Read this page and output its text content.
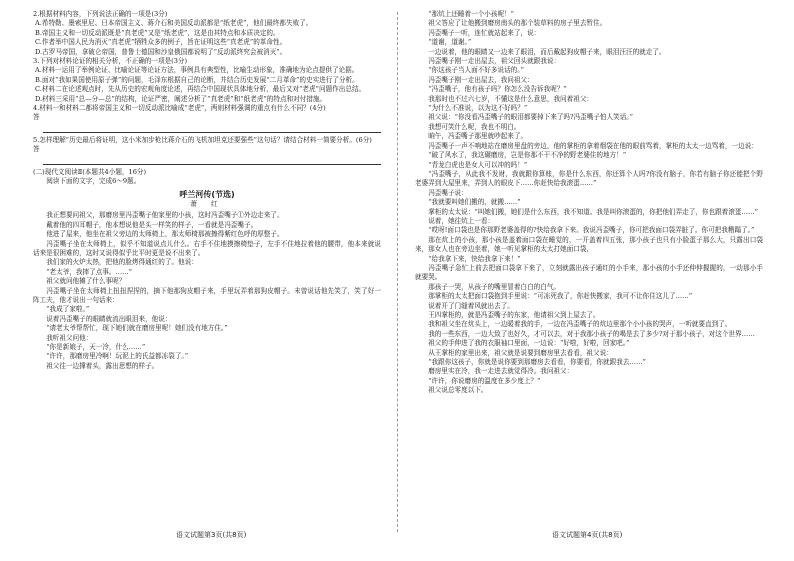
2.根据材料内容，下列说法正确的一项是(3分)

A.希特勒、墨索里尼、日本帝国主义、蒋介石和美国反动派都是“纸老虎”，他们最终都失败了。

B.帝国主义和一切反动派既是“真老虎”又是“纸老虎”，这是由其特点和本质决定的。

C.作者举中国人民为消灭“真老虎”牺牲众多的例子，旨在证明这些“真老虎”的革命性。

D.古罗马帝国，拿破仑帝国，普鲁士德国和沙皇俄国都说明了“反动派终究会被消灭”。

3.下列对材料论证的相关分析，不正确的一项是(3分)

A.材料一运用了举例论证、比喻论证等论证方法，事例具有典型性，比喻生动形象，准确地为论点提供了论据。

B.面对“我如果国使用原子弹”的问题，毛泽东根据自己的论断，并结合历史发展“二月革命”的史实进行了分析。

C.材料二在论述观点时，先从历史的宏观角度论述，再结合中国现状具体地分析，最后又对“老虎”问题作出总结。

D.材料三采用“总—分—总”的结构，论证严密，阐述分析了“真老虎”和“纸老虎”的特点和对付措施。

4.材料一和材料二都将帝国主义和一切反动派比喻成“老虎”，两则材料强调的重点有什么不同？(4分)

答

5.怎样理解“历史最后将证明，这小米加步枪比蒋介石的飞机加坦克还要强些”这句话？请结合材料一简要分析。(6分)

答

(二)现代文阅读Ⅱ(本题共4小题，16分)

阅读下面的文字，完成6～9题。

呼兰河传(节选)
萧 红

我正想要问祖父，那磨房里冯歪嘴子他家里的小孩，这时冯歪嘴子①外边走来了。

戴着他的四耳帽子，他本想说他是头一样笑的样子，一看就是冯歪嘴子。

他进了屋来，他坐在祖父旁边的太师椅上，那太师椅那被擦得紫红色呼的厚整子。

冯歪嘴子坐在太师椅上，似乎不知道说点儿什么。右手不住地摸擦椅垫子，左手不住地拉着他的腰带，他本来就说话来是很困难的，这时又说得似乎比平时更是说不出来了。

我们家的火炉太热，把他的脸烤得通红的了。他说：

“老太爷，我摔了点事。……”

祖父就问他摊了什么事呢？

冯歪嘴子坐在太师椅上扭扭捏捏的，摘下他那狗皮帽子来，手里玩弄着那狗皮帽子。未曾说话他先笑了，笑了好一阵工夫，他才说出一句话来：

“我成了家啦。”

说着冯歪嘴子的眼睛就流出眼泪来，他说：

“请老太爷帮帮忙，现下她们就在磨房里呢！她们没有地方住。”

我听祖父问他：

“你是新娘子，天一冷，什么……”

“许许，那磨房里冷啊！玩泥上的氏益都冻裂了。”

祖父往一边撑着头，露出思想的样子。

“那炕上还睡着一个小孩呢！”

祖父答应了让他搬到磨房南头的那个装草料的房子里去暂住。

冯歪嘴子一听，连忙就站起来了，说：

“道谢，道谢。”

一边说着，他的眼睛又一边来了眼泪，而后戴起狗皮帽子来，眼泪汪汪的就走了。

冯歪嘴子刚一走出屋去，祖父回头就跟我说：

“你这孩子当人面不好多说话的。”

冯歪嘴子刚一走出屋去，我问祖父：

“冯歪嘴子，他有孩子吗？你怎么没告诉我呢？”

我那时也不过六七岁，不懂这是什么意思，我问着祖父：

“为什么不准说，以为这不好吗？”

祖父说：“你没看冯歪嘴子的眼泪都要掉下来了吗?冯歪嘴子怕人笑话。”

我想可笑什么呢，我也不明白。

晌午，冯歪嘴子那里就吵起来了。

冯歪嘴子一声不响地站在磨房里盘的旁边，他的掌柜的拿着烟袋在他的眼前骂着，掌柜的太太一边骂着，一边说：

“破了风水了，我这碾磨房，岂是你那不干不净的野老婆住的地方！”

“青龙白虎也是女人可以冲的吗！”

“冯歪嘴子，从此我不发财，我就跟你算账，你是什么东西，你还算个人吗?你没有脑子，你若有脑子你还能把个野老婆弄到大屋里来，弄到人的眼皮下……你赶快给我滚蛋……”

冯歪嘴子说：

“我就要叫她们搬的，就搬……”

掌柜的太太说：“叫她们搬，她们是什么东西，我不知道。我是叫你滚蛋的，你把他们弄走了，你也跟着滚蛋……”

说着，她往炕上一看：

“哎呀!面口袋也是你那野老婆盖得的?快给我拿下来。我说冯歪嘴子，你可把我面口袋弄脏了。你可把我糟蹋了。”

那在炕上的小孩，那小孩是盖着面口袋在睡觉的，一开盖着四五张，那小孩子也只有小脸蛋子那么大，只露出口袋来，那女人也在旁边坐着，她一听见掌柜的太太打她面口袋，

“给我拿下来，快给我拿下来！”

冯歪嘴子急忙上前去把面口袋拿下来了，立刻就露出孩子通红的小手来，那小孩的小手还伸伸握握的，一动那小手就要哭。

那孩子一哭，从孩子的嘴里冒着白白的白气。

那掌柜的太太把面口袋抱到手里说：“可冻死我了，你赶快搬家，我可不让你住这儿了……”

说着开了门缝着风就出去了。

王四掌柜的，就是冯歪嘴子的东家，他请祖父到上屋去了。

我和祖父坐在炕头上，一边暖着我的手，一边在冯歪嘴子的炕边里那个小小孩的哭声，一听就要直到了。

我的一些东西，一边大致了也好久，才可以去，对于我那小孩子的喝是去了多少?对于那小孩子，对这个世界……

祖父的手伸进了我的衣服袖口里面，一边说：“好啦，好啦，回家吧。”

从王掌柜的家里出来，祖父就是说要到磨房里去看看，祖父说：

“我跟你这孩子，你就是说你要到那磨房去看看，你要看，你就跟我去……”

磨房里实在冷，我一走进去就觉得冷。我问祖父：

“许许，你说磨房的温度在多少度上？”

祖父说总零度以下。

语文试题第3页(共8页)	语文试题第4页(共8页)
